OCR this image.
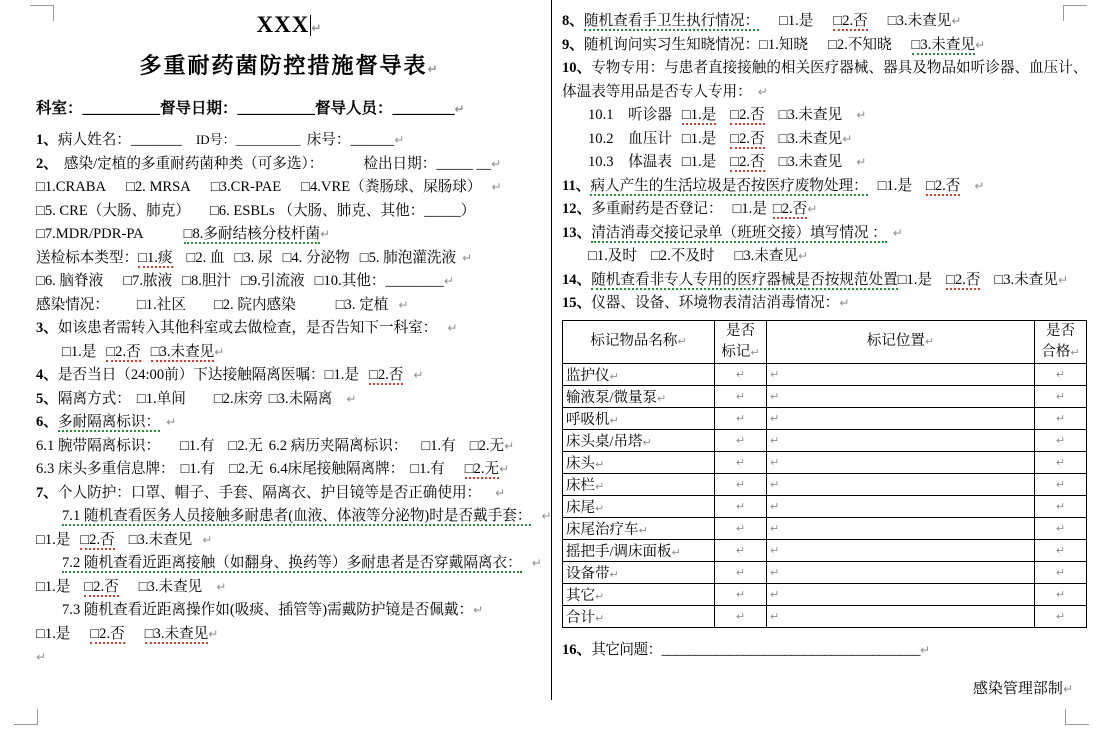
XXX ↵
多重耐药菌防控措施督导表↵
科室：__________督导日期：__________督导人员：________↵
1、病人姓名：_______ ID号：__________ 床号：______↵
2、 感染/定植的多重耐药菌种类（可多选）：	检出日期：_____ __↵
□1.CRABA □2. MRSA □3.CR-PAE □4.VRE（粪肠球、屎肠球） ↵
□5. CRE（大肠、肺克） □6. ESBLs （大肠、肺克、其他：_____）
□7.MDR/PDR-PA	□8.多耐结核分枝杆菌↵
送检标本类型：□1.痰 □2. 血 □3. 尿 □4. 分泌物 □5. 肺泡灌洗液 ↵
□6. 脑脊液 □7.脓液 □8.胆汁 □9.引流液 □10.其他：________↵
感染情况： □1.社区 □2. 院内感染	□3. 定植 ↵
3、如该患者需转入其他科室或去做检查，是否告知下一科室： ↵
□1.是 □2.否 □3.未查见↵
4、是否当日（24:00前）下达接触隔离医嘱：□1.是 □2.否 ↵
5、隔离方式： □1.单间 □2.床旁 □3.未隔离 ↵
6、多耐隔离标识： ↵
6.1 腕带隔离标识： □1.有 □2.无 6.2 病历夹隔离标识： □1.有 □2.无↵
6.3 床头多重信息牌： □1.有 □2.无 6.4床尾接触隔离牌： □1.有 □2.无↵
7、个人防护：口罩、帽子、手套、隔离衣、护目镜等是否正确使用： ↵
7.1 随机查看医务人员接触多耐患者(血液、体液等分泌物)时是否戴手套： ↵
□1.是 □2.否 □3.未查见 ↵
7.2 随机查看近距离接触（如翻身、换药等）多耐患者是否穿戴隔离衣： ↵
□1.是 □2.否 □3.未查见 ↵
7.3 随机查看近距离操作如(吸痰、插管等)需戴防护镜是否佩戴：↵
□1.是 □2.否 □3.未查见↵
↵
8、随机查看手卫生执行情况： □1.是 □2.否 □3.未查见↵
9、随机询问实习生知晓情况：□1.知晓 □2.不知晓 □3.未查见↵
10、专物专用：与患者直接接触的相关医疗器械、器具及物品如听诊器、血压计、
体温表等用品是否专人专用： ↵
10.1　听诊器 □1.是 □2.否 □3.未查见 ↵
10.2　血压计 □1.是 □2.否 □3.未查见↵
10.3　体温表 □1.是 □2.否 □3.未查见 ↵
11、病人产生的生活垃圾是否按医疗废物处理： □1.是 □2.否 ↵
12、多重耐药是否登记： □1.是 □2.否↵
13、清洁消毒交接记录单（班班交接）填写情况 ： ↵
□1.及时 □2.不及时 □3.未查见↵
14、随机查看非专人专用的医疗器械是否按规范处置□1.是 □2.否 □3.未查见↵
15、仪器、设备、环境物表清洁消毒情况：↵
标记物品名称↵	是否
标记↵	标记位置↵	是否
合格↵
监护仪↵	↵	↵	↵
输液泵/微量泵↵	↵	↵	↵
呼吸机↵	↵	↵	↵
床头桌/吊塔↵	↵	↵	↵
床头↵	↵	↵	↵
床栏↵	↵	↵	↵
床尾↵	↵	↵	↵
床尾治疗车↵	↵	↵	↵
摇把手/调床面板↵	↵	↵	↵
设备带↵	↵	↵	↵
其它↵	↵	↵	↵
合计↵	↵	↵	↵
16、其它问题：______________________________________↵
感染管理部制↵
